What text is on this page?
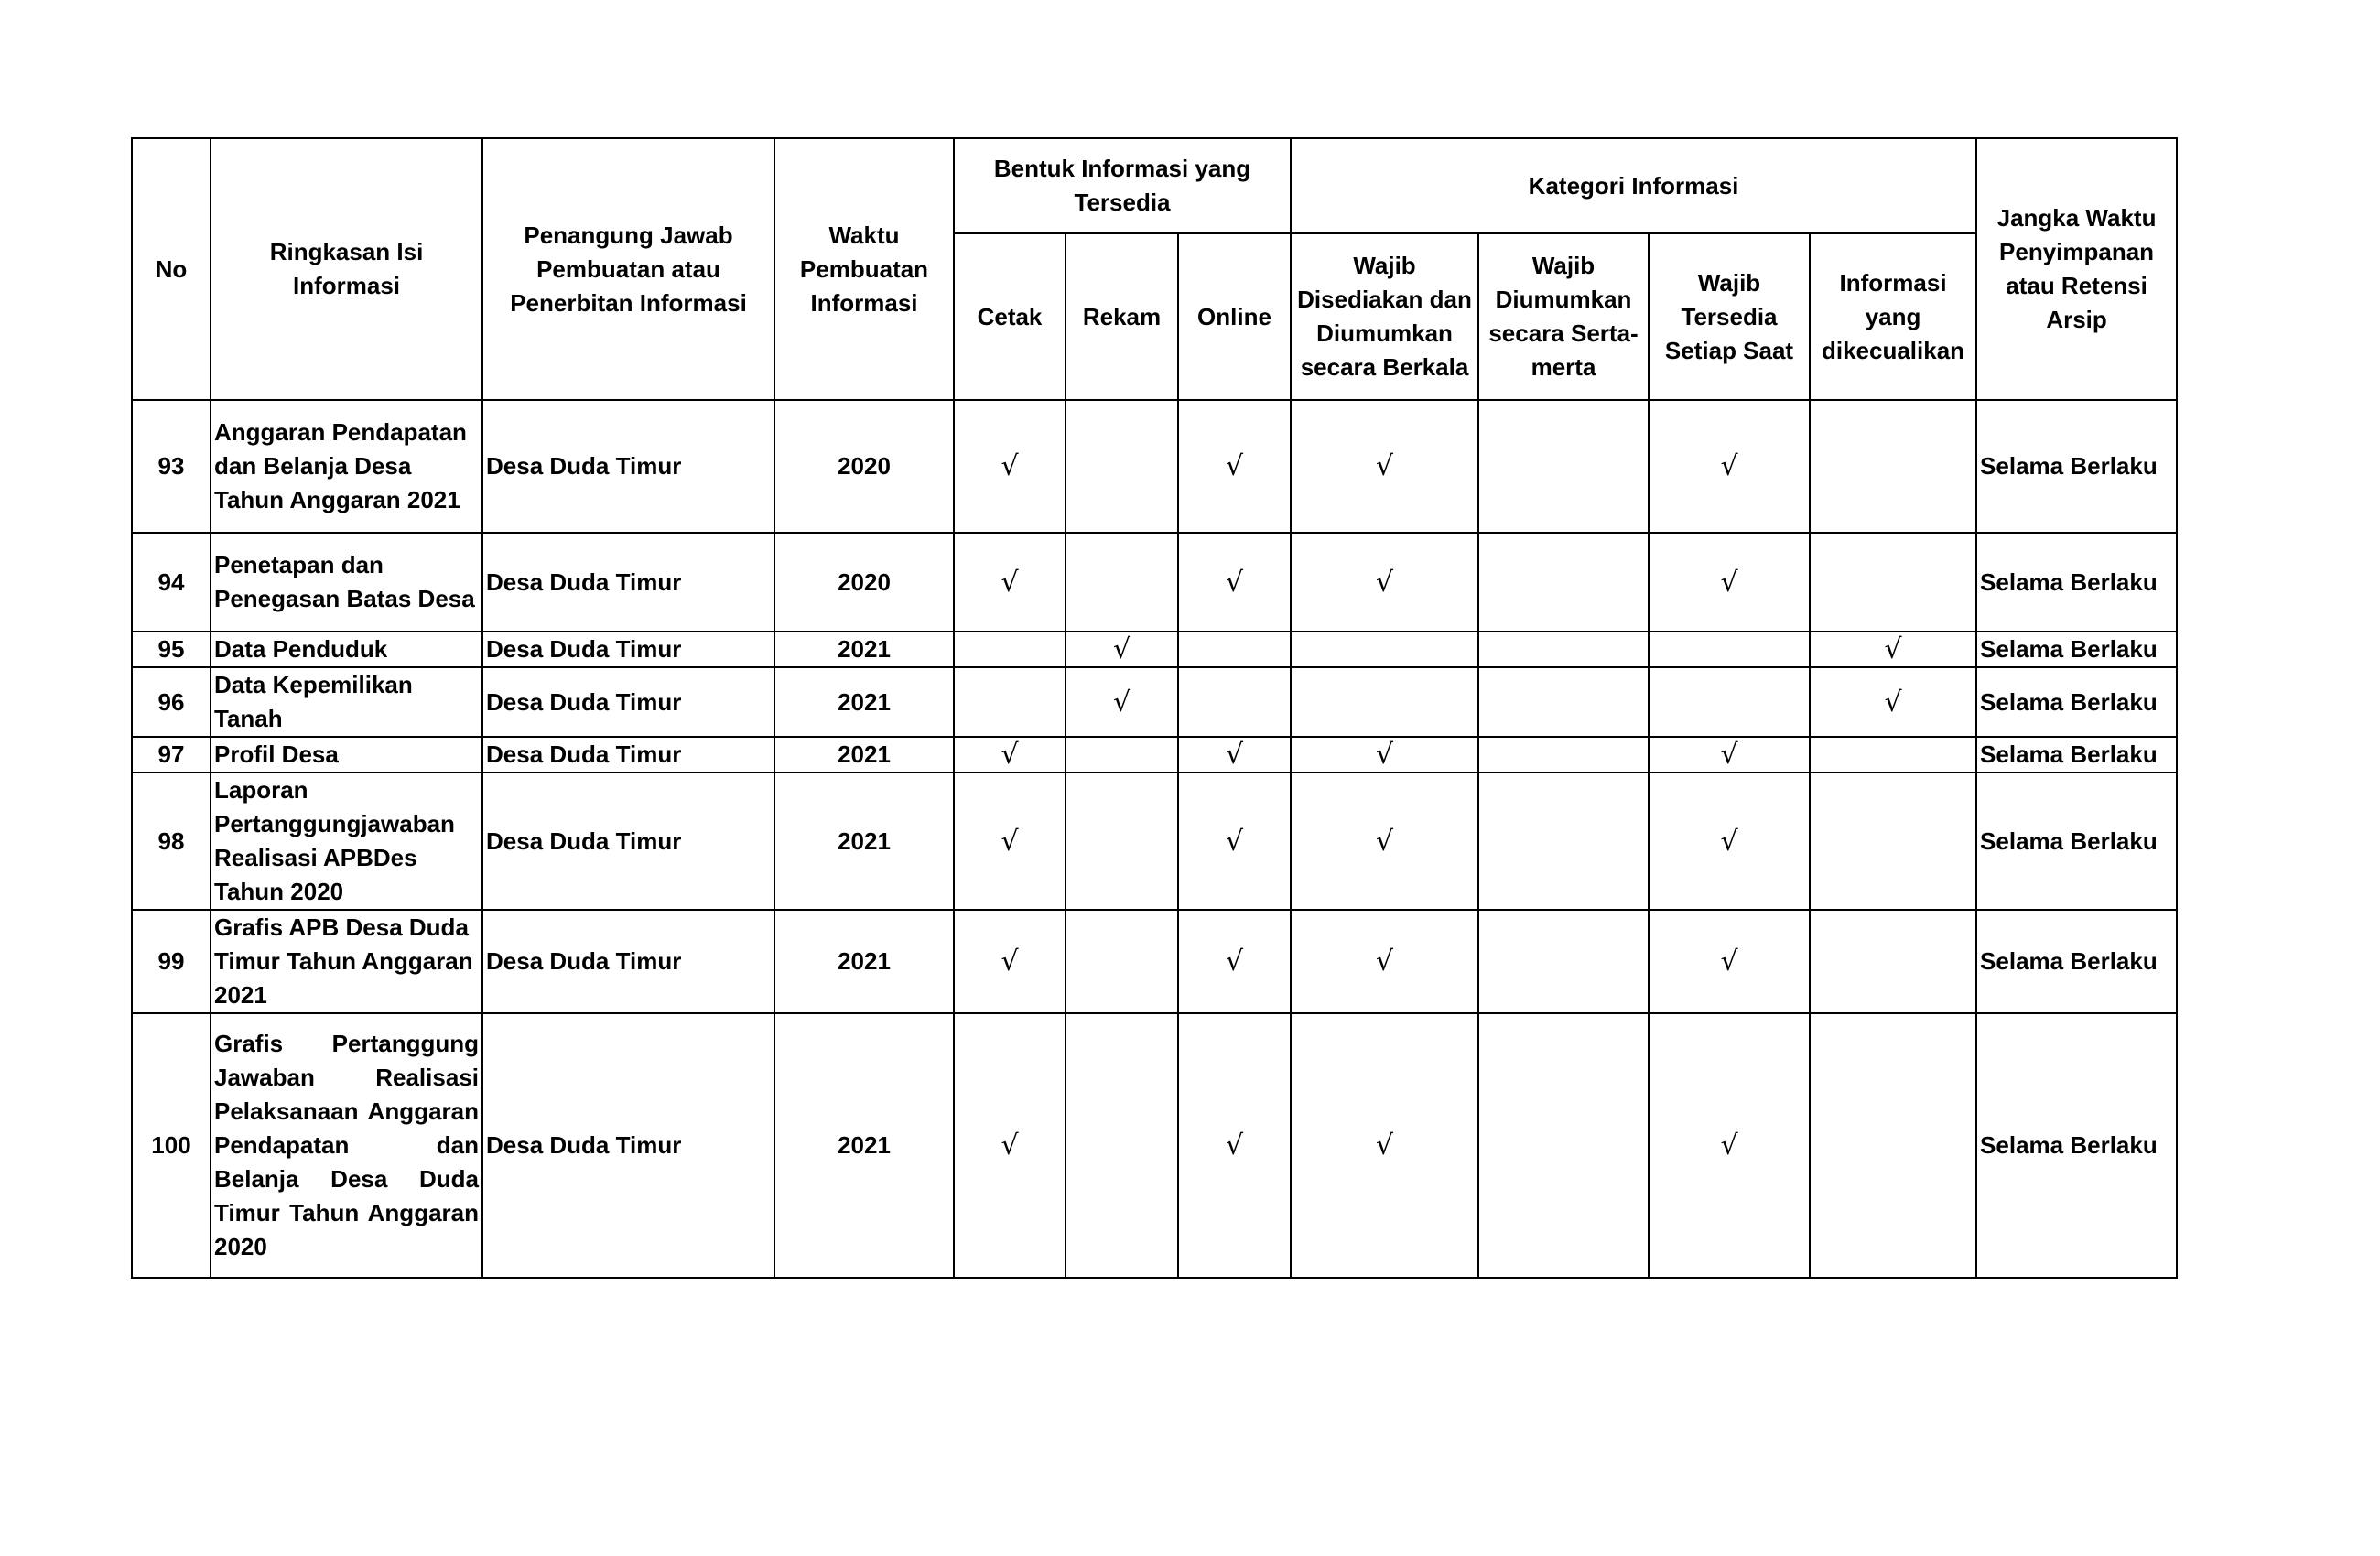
No	Ringkasan Isi Informasi	Penangung Jawab Pembuatan atau Penerbitan Informasi	Waktu Pembuatan Informasi	Bentuk Informasi yang Tersedia			Kategori Informasi				Jangka Waktu Penyimpanan atau Retensi Arsip
				Cetak	Rekam	Online	Wajib Disediakan dan Diumumkan secara Berkala	Wajib Diumumkan secara Serta-merta	Wajib Tersedia Setiap Saat	Informasi yang dikecualikan	
93	Anggaran Pendapatan dan Belanja Desa Tahun Anggaran 2021	Desa Duda Timur	2020	√		√	√		√		Selama Berlaku
94	Penetapan dan Penegasan Batas Desa	Desa Duda Timur	2020	√		√	√		√		Selama Berlaku
95	Data Penduduk	Desa Duda Timur	2021		√					√	Selama Berlaku
96	Data Kepemilikan Tanah	Desa Duda Timur	2021		√					√	Selama Berlaku
97	Profil Desa	Desa Duda Timur	2021	√		√	√		√		Selama Berlaku
98	Laporan Pertanggungjawaban Realisasi APBDes Tahun 2020	Desa Duda Timur	2021	√		√	√		√		Selama Berlaku
99	Grafis APB Desa Duda Timur Tahun Anggaran 2021	Desa Duda Timur	2021	√		√	√		√		Selama Berlaku
100	Grafis Pertanggung Jawaban Realisasi Pelaksanaan Anggaran Pendapatan dan Belanja Desa Duda Timur Tahun Anggaran 2020	Desa Duda Timur	2021	√		√	√		√		Selama Berlaku
